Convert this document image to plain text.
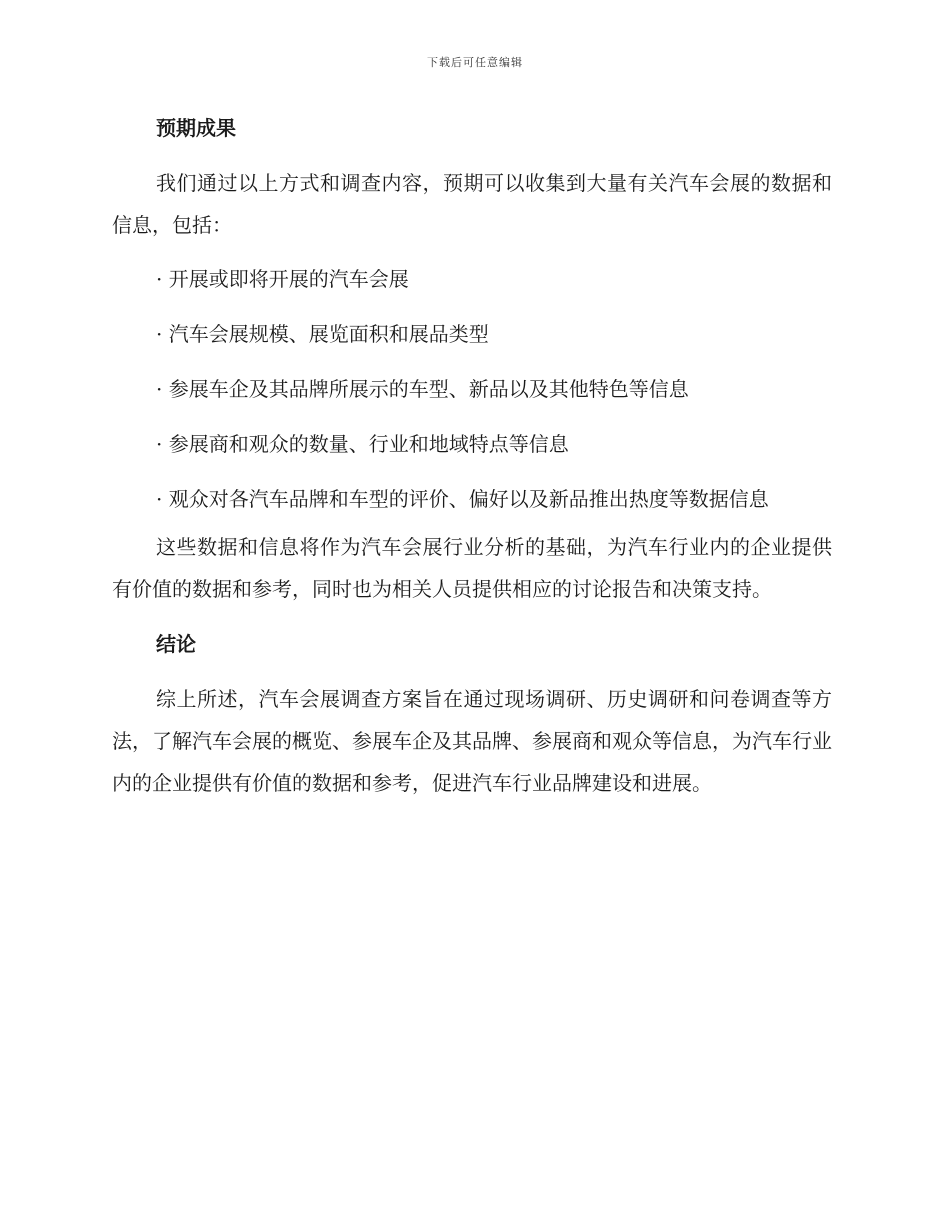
下载后可任意编辑
预期成果

我们通过以上方式和调查内容，预期可以收集到大量有关汽车会展的数据和信息，包括：

· 开展或即将开展的汽车会展
· 汽车会展规模、展览面积和展品类型
· 参展车企及其品牌所展示的车型、新品以及其他特色等信息
· 参展商和观众的数量、行业和地域特点等信息
· 观众对各汽车品牌和车型的评价、偏好以及新品推出热度等数据信息

这些数据和信息将作为汽车会展行业分析的基础，为汽车行业内的企业提供有价值的数据和参考，同时也为相关人员提供相应的讨论报告和决策支持。

结论

综上所述，汽车会展调查方案旨在通过现场调研、历史调研和问卷调查等方法，了解汽车会展的概览、参展车企及其品牌、参展商和观众等信息，为汽车行业内的企业提供有价值的数据和参考，促进汽车行业品牌建设和进展。
